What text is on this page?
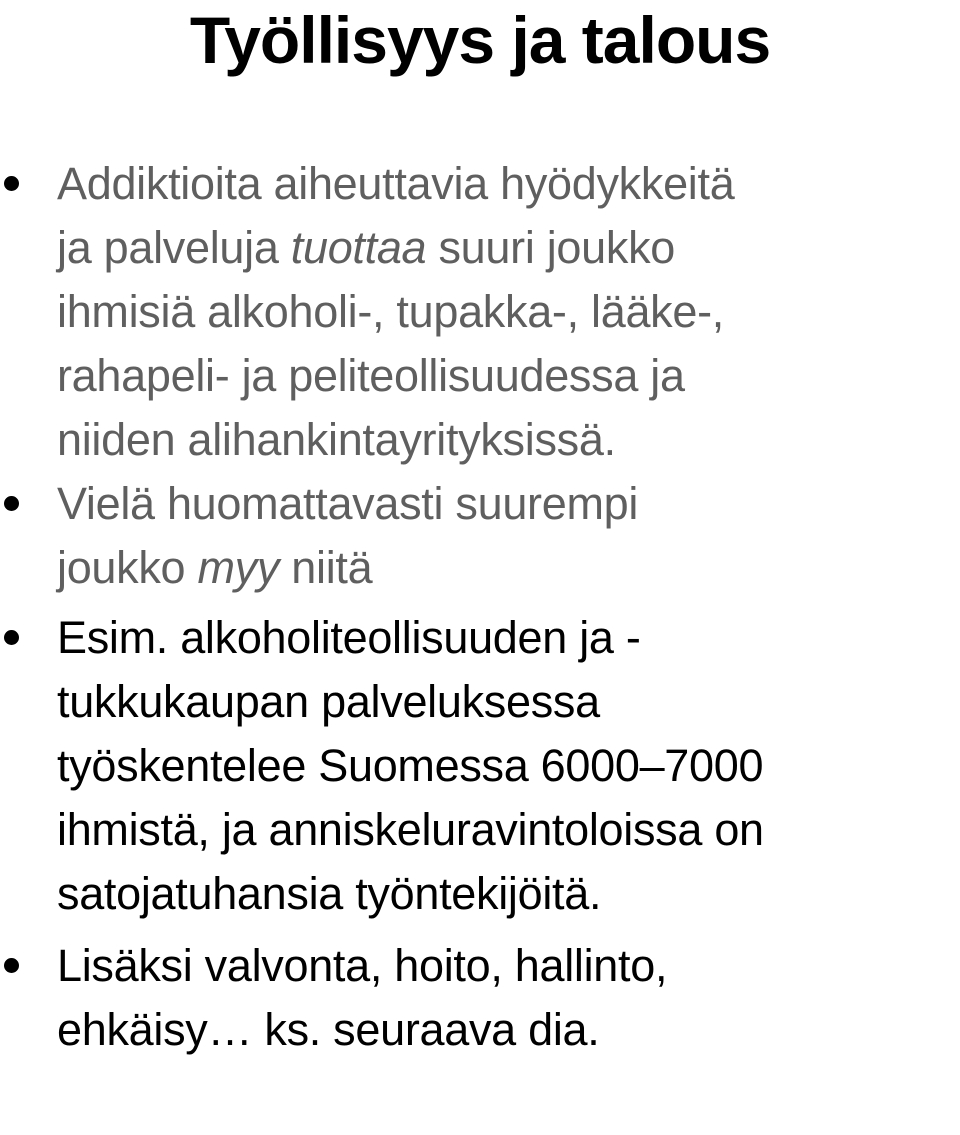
Työllisyys ja talous
Addiktioita aiheuttavia hyödykkeitä
ja palveluja tuottaa suuri joukko
ihmisiä alkoholi-, tupakka-, lääke-,
rahapeli- ja peliteollisuudessa ja
niiden alihankintayrityksissä.
Vielä huomattavasti suurempi
joukko myy niitä
Esim. alkoholiteollisuuden ja -
tukkukaupan palveluksessa
työskentelee Suomessa 6000–7000
ihmistä, ja anniskeluravintoloissa on
satojatuhansia työntekijöitä.
Lisäksi valvonta, hoito, hallinto,
ehkäisy… ks. seuraava dia.
